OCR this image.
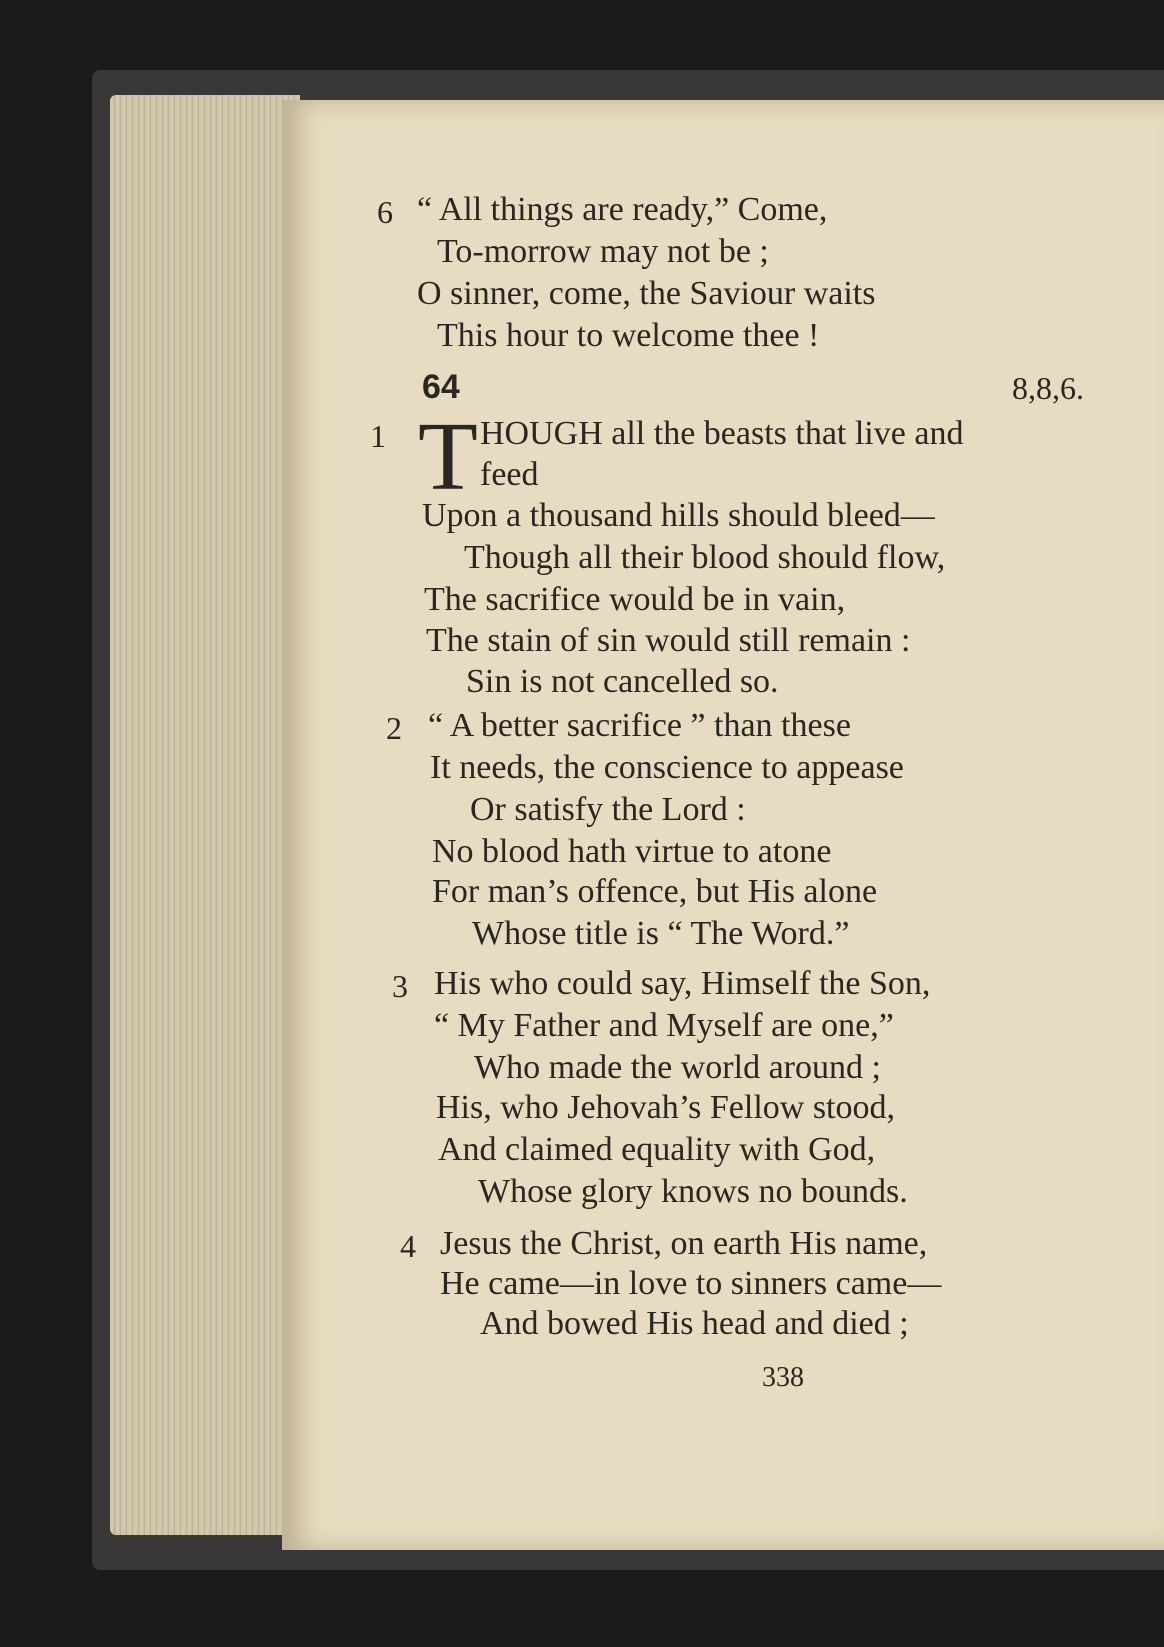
6 “ All things are ready,” Come,
To-morrow may not be ;
O sinner, come, the Saviour waits
This hour to welcome thee !
64	8,8,6.
1 T HOUGH all the beasts that live and
feed
Upon a thousand hills should bleed—
Though all their blood should flow,
The sacrifice would be in vain,
The stain of sin would still remain :
Sin is not cancelled so.
2 “ A better sacrifice ” than these
It needs, the conscience to appease
Or satisfy the Lord :
No blood hath virtue to atone
For man’s offence, but His alone
Whose title is “ The Word.”
3 His who could say, Himself the Son,
“ My Father and Myself are one,”
Who made the world around ;
His, who Jehovah’s Fellow stood,
And claimed equality with God,
Whose glory knows no bounds.
4 Jesus the Christ, on earth His name,
He came—in love to sinners came—
And bowed His head and died ;
338
